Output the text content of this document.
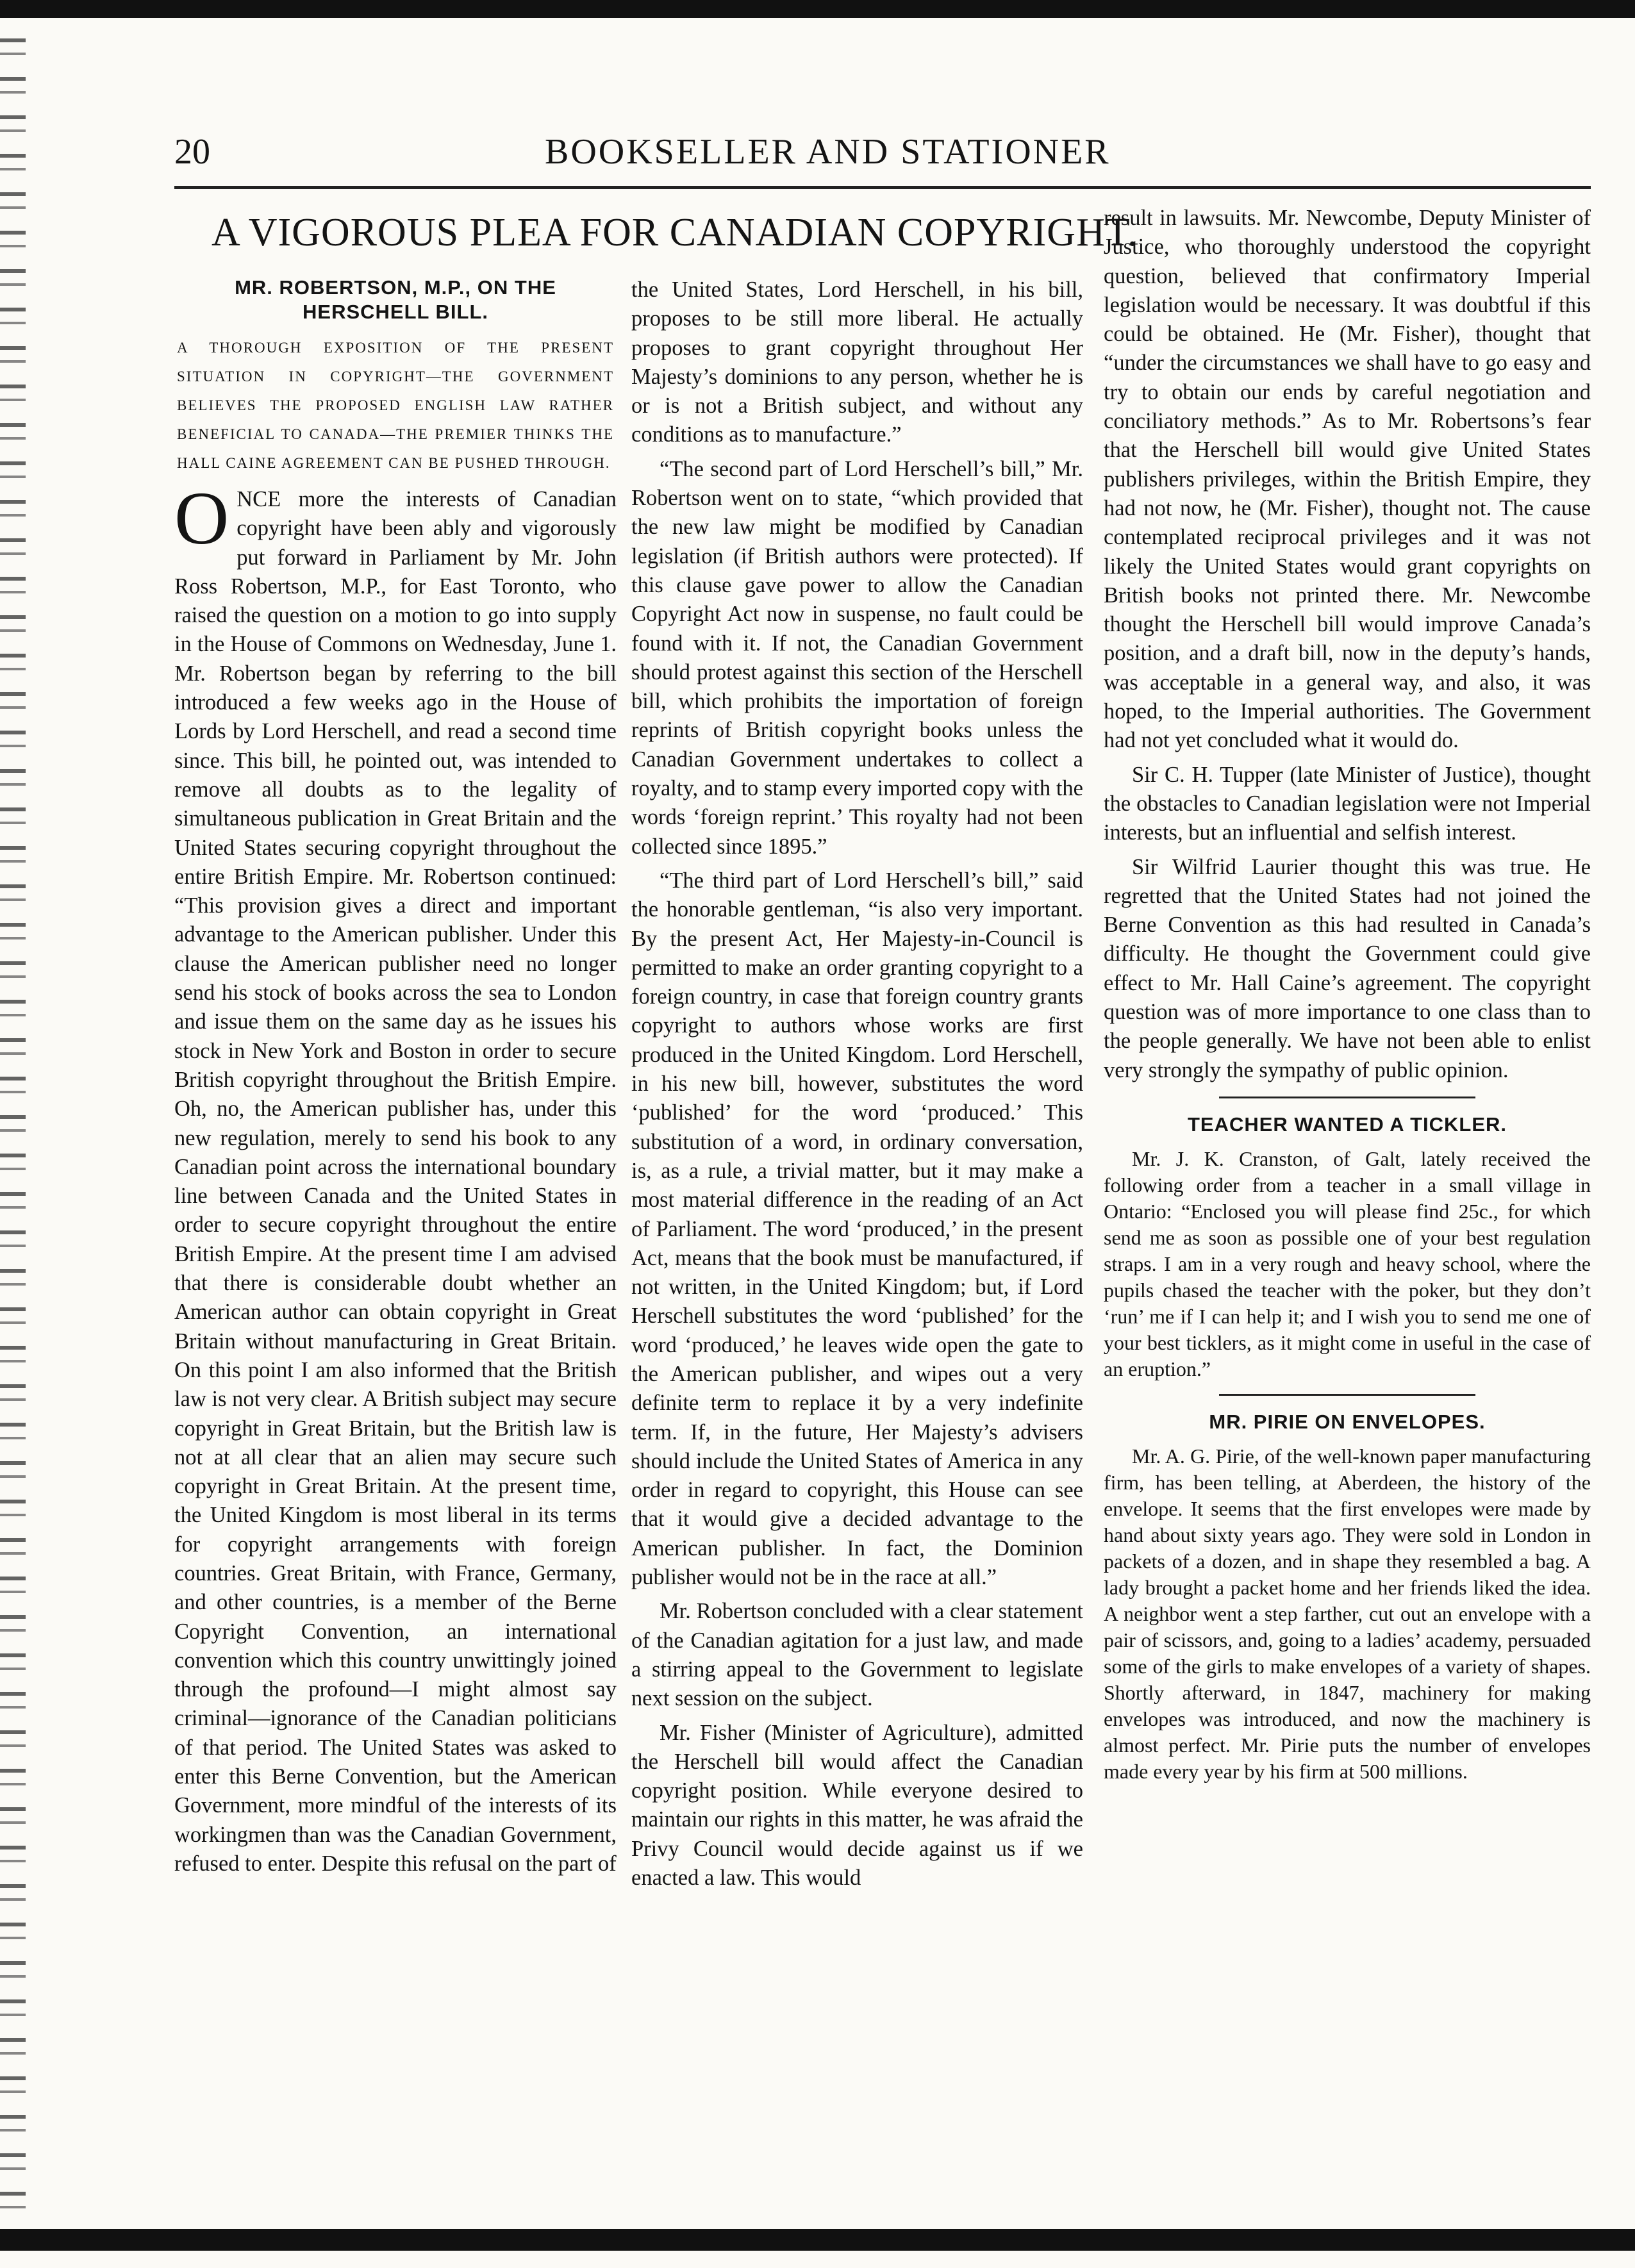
20	BOOKSELLER AND STATIONER
A VIGOROUS PLEA FOR CANADIAN COPYRIGHT.
MR. ROBERTSON, M.P., ON THE HERSCHELL BILL.
A THOROUGH EXPOSITION OF THE PRESENT SITUATION IN COPYRIGHT—THE GOVERNMENT BELIEVES THE PROPOSED ENGLISH LAW RATHER BENEFICIAL TO CANADA—THE PREMIER THINKS THE HALL CAINE AGREEMENT CAN BE PUSHED THROUGH.

ONCE more the interests of Canadian copyright have been ably and vigorously put forward in Parliament by Mr. John Ross Robertson, M.P., for East Toronto, who raised the question on a motion to go into supply in the House of Commons on Wednesday, June 1. Mr. Robertson began by referring to the bill introduced a few weeks ago in the House of Lords by Lord Herschell, and read a second time since. This bill, he pointed out, was intended to remove all doubts as to the legality of simultaneous publication in Great Britain and the United States securing copyright throughout the entire British Empire. Mr. Robertson continued: “This provision gives a direct and important advantage to the American publisher. Under this clause the American publisher need no longer send his stock of books across the sea to London and issue them on the same day as he issues his stock in New York and Boston in order to secure British copyright throughout the British Empire. Oh, no, the American publisher has, under this new regulation, merely to send his book to any Canadian point across the international boundary line between Canada and the United States in order to secure copyright throughout the entire British Empire. At the present time I am advised that there is considerable doubt whether an American author can obtain copyright in Great Britain without manufacturing in Great Britain. On this point I am also informed that the British law is not very clear. A British subject may secure copyright in Great Britain, but the British law is not at all clear that an alien may secure such copyright in Great Britain. At the present time, the United Kingdom is most liberal in its terms for copyright arrangements with foreign countries. Great Britain, with France, Germany, and other countries, is a member of the Berne Copyright Convention, an international convention which this country unwittingly joined through the profound—I might almost say criminal—ignorance of the Canadian politicians of that period. The United States was asked to enter this Berne Convention, but the American Government, more mindful of the interests of its workingmen than was the Canadian Government, refused to enter. Despite this refusal on the part of

the United States, Lord Herschell, in his bill, proposes to be still more liberal. He actually proposes to grant copyright throughout Her Majesty’s dominions to any person, whether he is or is not a British subject, and without any conditions as to manufacture.”

“The second part of Lord Herschell’s bill,” Mr. Robertson went on to state, “which provided that the new law might be modified by Canadian legislation (if British authors were protected). If this clause gave power to allow the Canadian Copyright Act now in suspense, no fault could be found with it. If not, the Canadian Government should protest against this section of the Herschell bill, which prohibits the importation of foreign reprints of British copyright books unless the Canadian Government undertakes to collect a royalty, and to stamp every imported copy with the words ‘foreign reprint.’ This royalty had not been collected since 1895.”

“The third part of Lord Herschell’s bill,” said the honorable gentleman, “is also very important. By the present Act, Her Majesty-in-Council is permitted to make an order granting copyright to a foreign country, in case that foreign country grants copyright to authors whose works are first produced in the United Kingdom. Lord Herschell, in his new bill, however, substitutes the word ‘published’ for the word ‘produced.’ This substitution of a word, in ordinary conversation, is, as a rule, a trivial matter, but it may make a most material difference in the reading of an Act of Parliament. The word ‘produced,’ in the present Act, means that the book must be manufactured, if not written, in the United Kingdom; but, if Lord Herschell substitutes the word ‘published’ for the word ‘produced,’ he leaves wide open the gate to the American publisher, and wipes out a very definite term to replace it by a very indefinite term. If, in the future, Her Majesty’s advisers should include the United States of America in any order in regard to copyright, this House can see that it would give a decided advantage to the American publisher. In fact, the Dominion publisher would not be in the race at all.”

Mr. Robertson concluded with a clear statement of the Canadian agitation for a just law, and made a stirring appeal to the Government to legislate next session on the subject.

Mr. Fisher (Minister of Agriculture), admitted the Herschell bill would affect the Canadian copyright position. While everyone desired to maintain our rights in this matter, he was afraid the Privy Council would decide against us if we enacted a law. This would

result in lawsuits. Mr. Newcombe, Deputy Minister of Justice, who thoroughly understood the copyright question, believed that confirmatory Imperial legislation would be necessary. It was doubtful if this could be obtained. He (Mr. Fisher), thought that “under the circumstances we shall have to go easy and try to obtain our ends by careful negotiation and conciliatory methods.” As to Mr. Robertsons’s fear that the Herschell bill would give United States publishers privileges, within the British Empire, they had not now, he (Mr. Fisher), thought not. The cause contemplated reciprocal privileges and it was not likely the United States would grant copyrights on British books not printed there. Mr. Newcombe thought the Herschell bill would improve Canada’s position, and a draft bill, now in the deputy’s hands, was acceptable in a general way, and also, it was hoped, to the Imperial authorities. The Government had not yet concluded what it would do.

Sir C. H. Tupper (late Minister of Justice), thought the obstacles to Canadian legislation were not Imperial interests, but an influential and selfish interest.

Sir Wilfrid Laurier thought this was true. He regretted that the United States had not joined the Berne Convention as this had resulted in Canada’s difficulty. He thought the Government could give effect to Mr. Hall Caine’s agreement. The copyright question was of more importance to one class than to the people generally. We have not been able to enlist very strongly the sympathy of public opinion.

TEACHER WANTED A TICKLER.

Mr. J. K. Cranston, of Galt, lately received the following order from a teacher in a small village in Ontario: “Enclosed you will please find 25c., for which send me as soon as possible one of your best regulation straps. I am in a very rough and heavy school, where the pupils chased the teacher with the poker, but they don’t ‘run’ me if I can help it; and I wish you to send me one of your best ticklers, as it might come in useful in the case of an eruption.”

MR. PIRIE ON ENVELOPES.

Mr. A. G. Pirie, of the well-known paper manufacturing firm, has been telling, at Aberdeen, the history of the envelope. It seems that the first envelopes were made by hand about sixty years ago. They were sold in London in packets of a dozen, and in shape they resembled a bag. A lady brought a packet home and her friends liked the idea. A neighbor went a step farther, cut out an envelope with a pair of scissors, and, going to a ladies’ academy, persuaded some of the girls to make envelopes of a variety of shapes. Shortly afterward, in 1847, machinery for making envelopes was introduced, and now the machinery is almost perfect. Mr. Pirie puts the number of envelopes made every year by his firm at 500 millions.
